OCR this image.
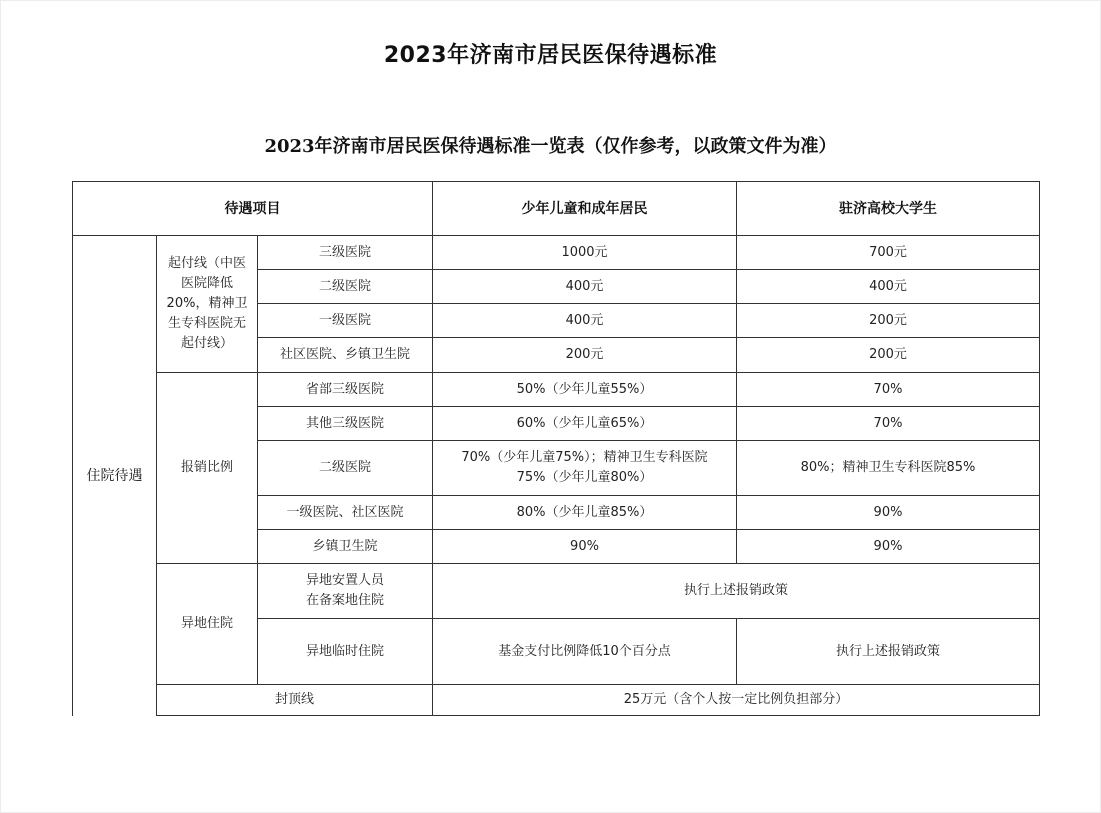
2023年济南市居民医保待遇标准
2023年济南市居民医保待遇标准一览表（仅作参考，以政策文件为准）
待遇项目			少年儿童和成年居民	驻济高校大学生
住院待遇	起付线（中医
医院降低
20%，精神卫
生专科医院无
起付线）	三级医院	1000元	700元
		二级医院	400元	400元
		一级医院	400元	200元
		社区医院、乡镇卫生院	200元	200元
	报销比例	省部三级医院	50%（少年儿童55%）	70%
		其他三级医院	60%（少年儿童65%）	70%
		二级医院	70%（少年儿童75%）；精神卫生专科医院
75%（少年儿童80%）	80%；精神卫生专科医院85%
		一级医院、社区医院	80%（少年儿童85%）	90%
		乡镇卫生院	90%	90%
	异地住院	异地安置人员
在备案地住院	执行上述报销政策	
		异地临时住院	基金支付比例降低10个百分点	执行上述报销政策
	封顶线		25万元（含个人按一定比例负担部分）	
